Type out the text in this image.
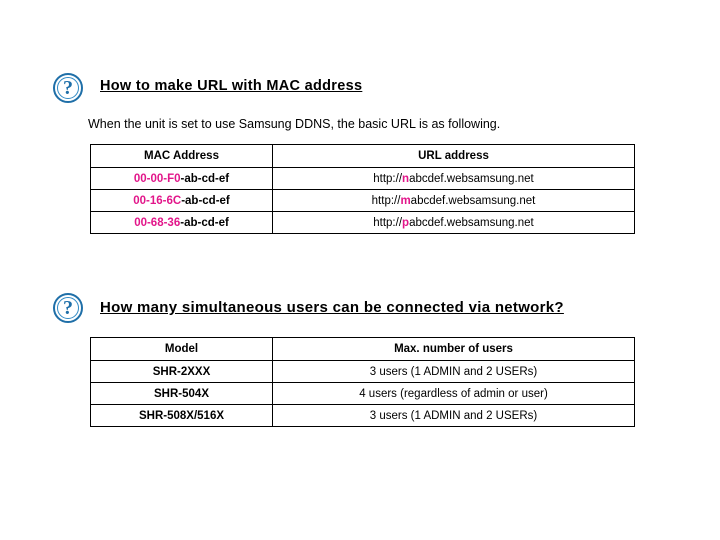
? How to make URL with MAC address
When the unit is set to use Samsung DDNS, the basic URL is as following.
MAC Address	URL address
00-00-F0-ab-cd-ef	http://nabcdef.websamsung.net
00-16-6C-ab-cd-ef	http://mabcdef.websamsung.net
00-68-36-ab-cd-ef	http://pabcdef.websamsung.net
? How many simultaneous users can be connected via network?
Model	Max. number of users
SHR-2XXX	3 users (1 ADMIN and 2 USERs)
SHR-504X	4 users (regardless of admin or user)
SHR-508X/516X	3 users (1 ADMIN and 2 USERs)
